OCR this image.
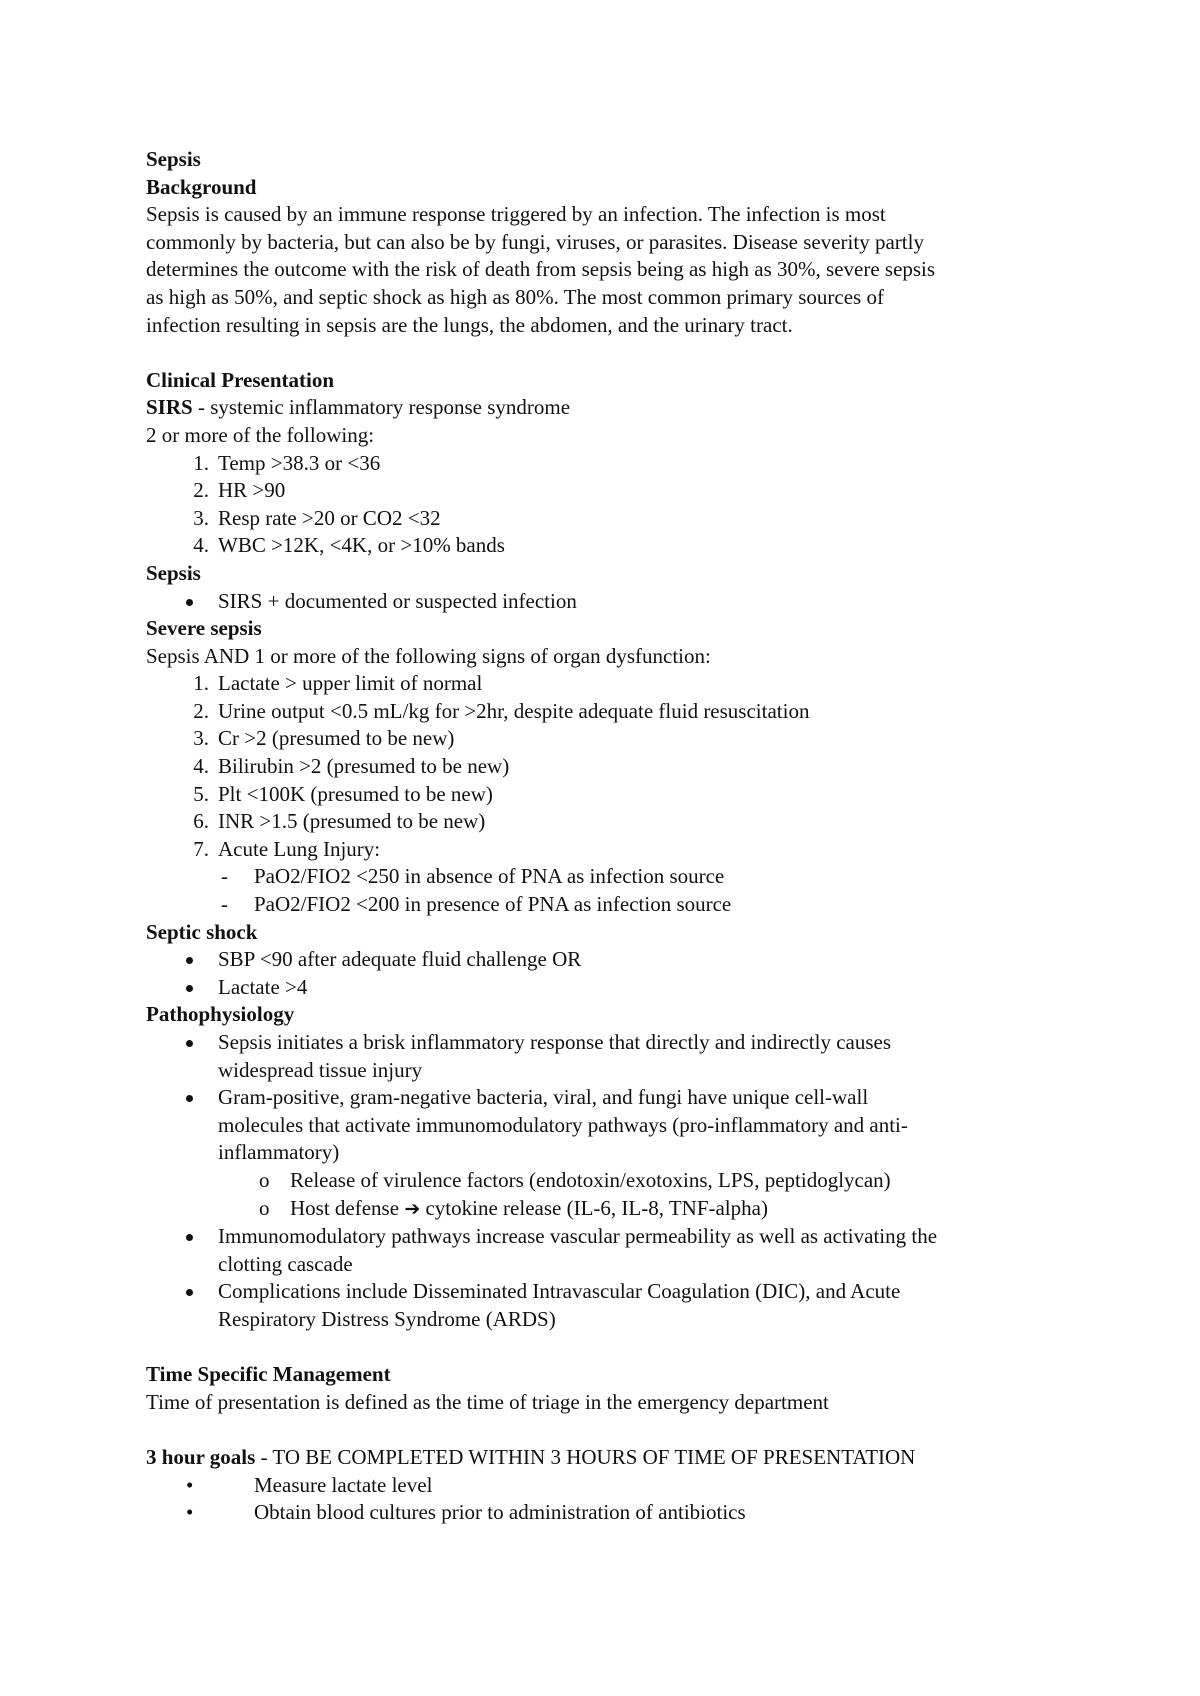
Sepsis
Background
Sepsis is caused by an immune response triggered by an infection. The infection is most
commonly by bacteria, but can also be by fungi, viruses, or parasites. Disease severity partly
determines the outcome with the risk of death from sepsis being as high as 30%, severe sepsis
as high as 50%, and septic shock as high as 80%. The most common primary sources of
infection resulting in sepsis are the lungs, the abdomen, and the urinary tract.
Clinical Presentation
SIRS - systemic inflammatory response syndrome
2 or more of the following:
1. Temp >38.3 or <36
2. HR >90
3. Resp rate >20 or CO2 <32
4. WBC >12K, <4K, or >10% bands
Sepsis
SIRS + documented or suspected infection
Severe sepsis
Sepsis AND 1 or more of the following signs of organ dysfunction:
1. Lactate > upper limit of normal
2. Urine output <0.5 mL/kg for >2hr, despite adequate fluid resuscitation
3. Cr >2 (presumed to be new)
4. Bilirubin >2 (presumed to be new)
5. Plt <100K (presumed to be new)
6. INR >1.5 (presumed to be new)
7. Acute Lung Injury:
- PaO2/FIO2 <250 in absence of PNA as infection source
- PaO2/FIO2 <200 in presence of PNA as infection source
Septic shock
SBP <90 after adequate fluid challenge OR
Lactate >4
Pathophysiology
Sepsis initiates a brisk inflammatory response that directly and indirectly causes
widespread tissue injury
Gram-positive, gram-negative bacteria, viral, and fungi have unique cell-wall
molecules that activate immunomodulatory pathways (pro-inflammatory and anti-
inflammatory)
o Release of virulence factors (endotoxin/exotoxins, LPS, peptidoglycan)
o Host defense ➔ cytokine release (IL-6, IL-8, TNF-alpha)
Immunomodulatory pathways increase vascular permeability as well as activating the
clotting cascade
Complications include Disseminated Intravascular Coagulation (DIC), and Acute
Respiratory Distress Syndrome (ARDS)
Time Specific Management
Time of presentation is defined as the time of triage in the emergency department
3 hour goals - TO BE COMPLETED WITHIN 3 HOURS OF TIME OF PRESENTATION
•	Measure lactate level
•	Obtain blood cultures prior to administration of antibiotics
